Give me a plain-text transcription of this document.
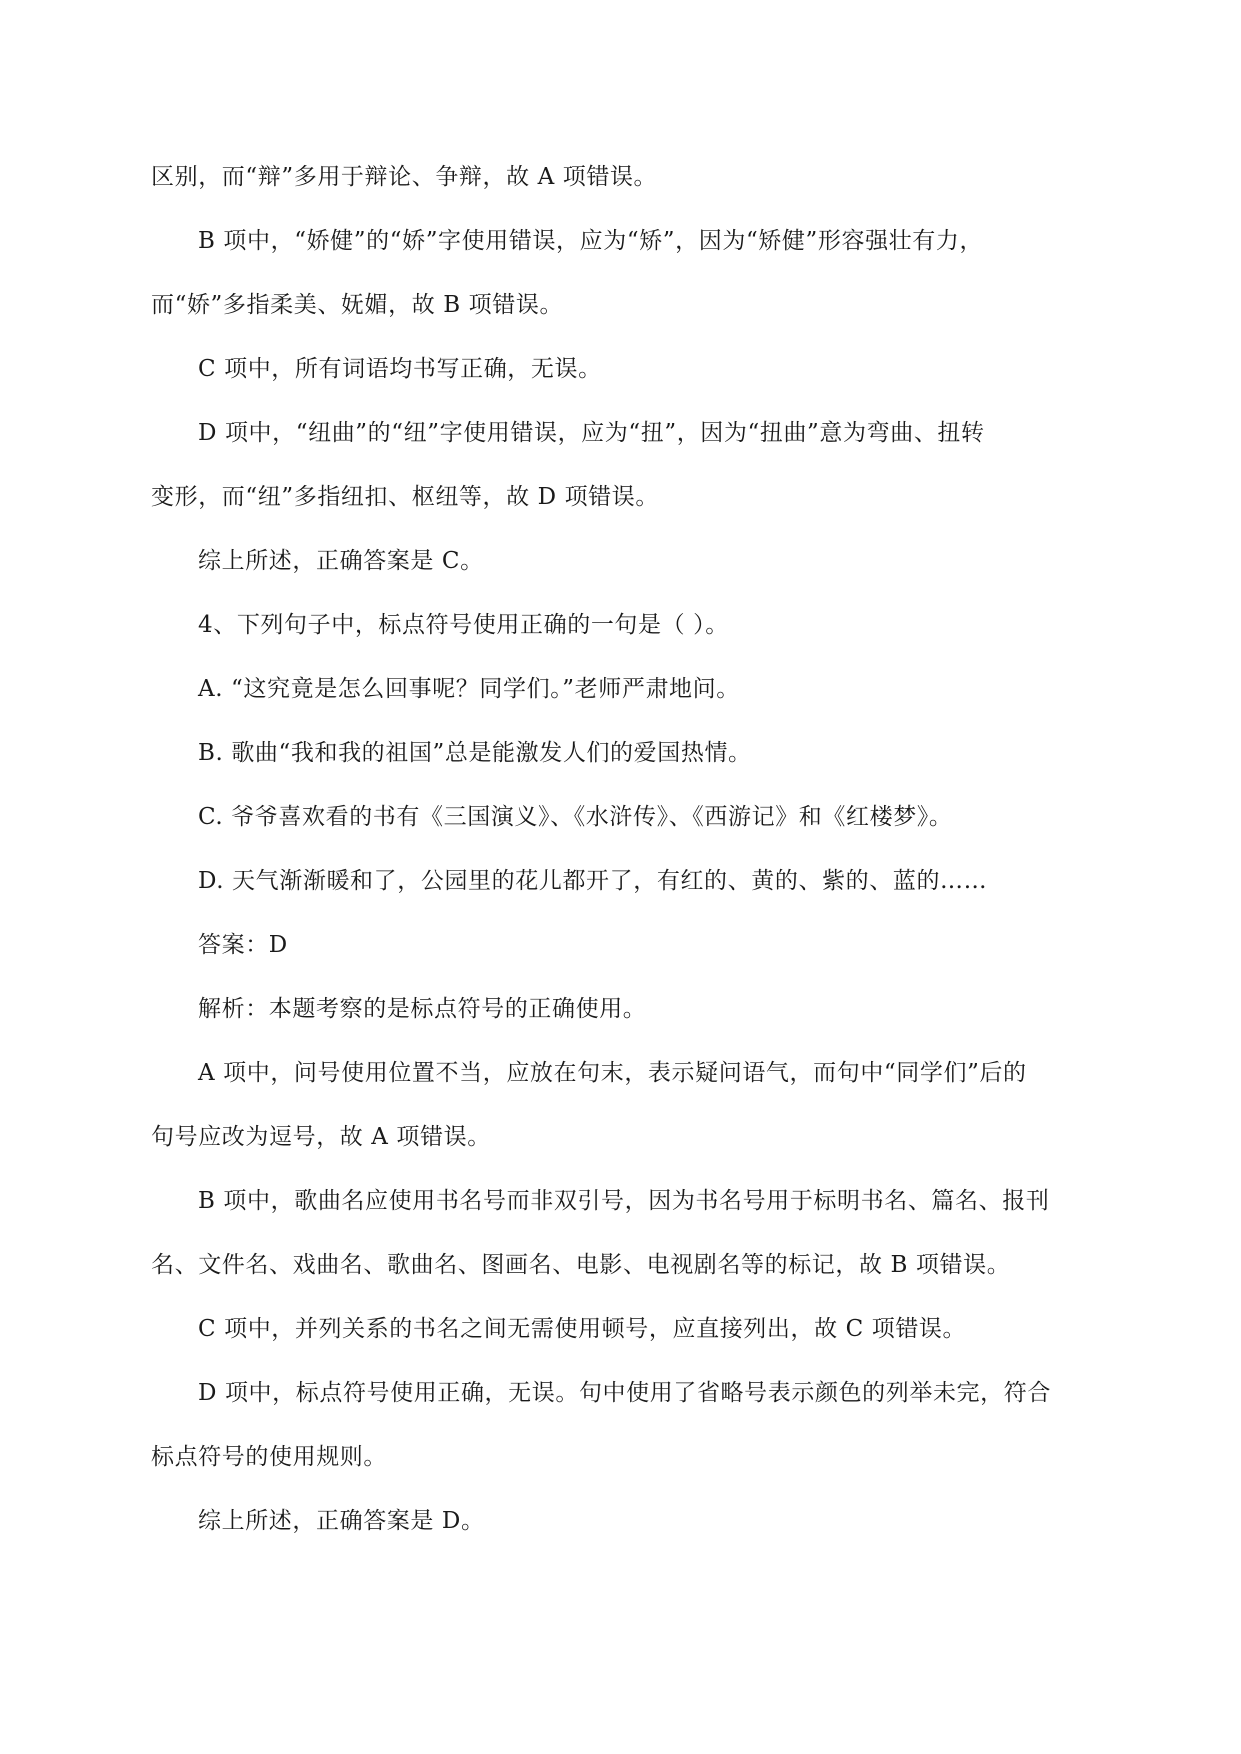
区别，而“辩”多用于辩论、争辩，故 A 项错误。

B 项中，“娇健”的“娇”字使用错误，应为“矫”，因为“矫健”形容强壮有力，

而“娇”多指柔美、妩媚，故 B 项错误。

C 项中，所有词语均书写正确，无误。

D 项中，“纽曲”的“纽”字使用错误，应为“扭”，因为“扭曲”意为弯曲、扭转

变形，而“纽”多指纽扣、枢纽等，故 D 项错误。

综上所述，正确答案是 C。

4、下列句子中，标点符号使用正确的一句是（ ）。

A. “这究竟是怎么回事呢？同学们。”老师严肃地问。

B. 歌曲“我和我的祖国”总是能激发人们的爱国热情。

C. 爷爷喜欢看的书有《三国演义》、《水浒传》、《西游记》和《红楼梦》。

D. 天气渐渐暖和了，公园里的花儿都开了，有红的、黄的、紫的、蓝的……

答案：D

解析：本题考察的是标点符号的正确使用。

A 项中，问号使用位置不当，应放在句末，表示疑问语气，而句中“同学们”后的

句号应改为逗号，故 A 项错误。

B 项中，歌曲名应使用书名号而非双引号，因为书名号用于标明书名、篇名、报刊

名、文件名、戏曲名、歌曲名、图画名、电影、电视剧名等的标记，故 B 项错误。

C 项中，并列关系的书名之间无需使用顿号，应直接列出，故 C 项错误。

D 项中，标点符号使用正确，无误。句中使用了省略号表示颜色的列举未完，符合

标点符号的使用规则。

综上所述，正确答案是 D。
